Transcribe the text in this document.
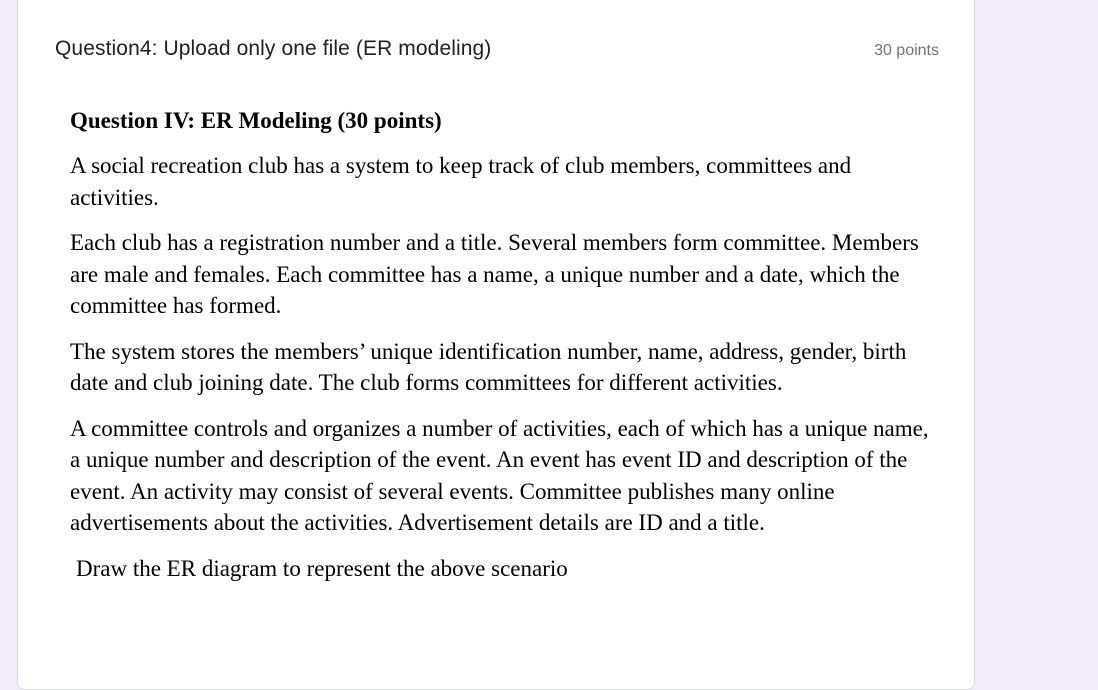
Question4: Upload only one file (ER modeling)	30 points

Question IV: ER Modeling (30 points)

A social recreation club has a system to keep track of club members, committees and activities.

Each club has a registration number and a title. Several members form committee. Members are male and females. Each committee has a name, a unique number and a date, which the committee has formed.

The system stores the members’ unique identification number, name, address, gender, birth date and club joining date. The club forms committees for different activities.

A committee controls and organizes a number of activities, each of which has a unique name, a unique number and description of the event. An event has event ID and description of the event. An activity may consist of several events. Committee publishes many online advertisements about the activities. Advertisement details are ID and a title.

Draw the ER diagram to represent the above scenario
